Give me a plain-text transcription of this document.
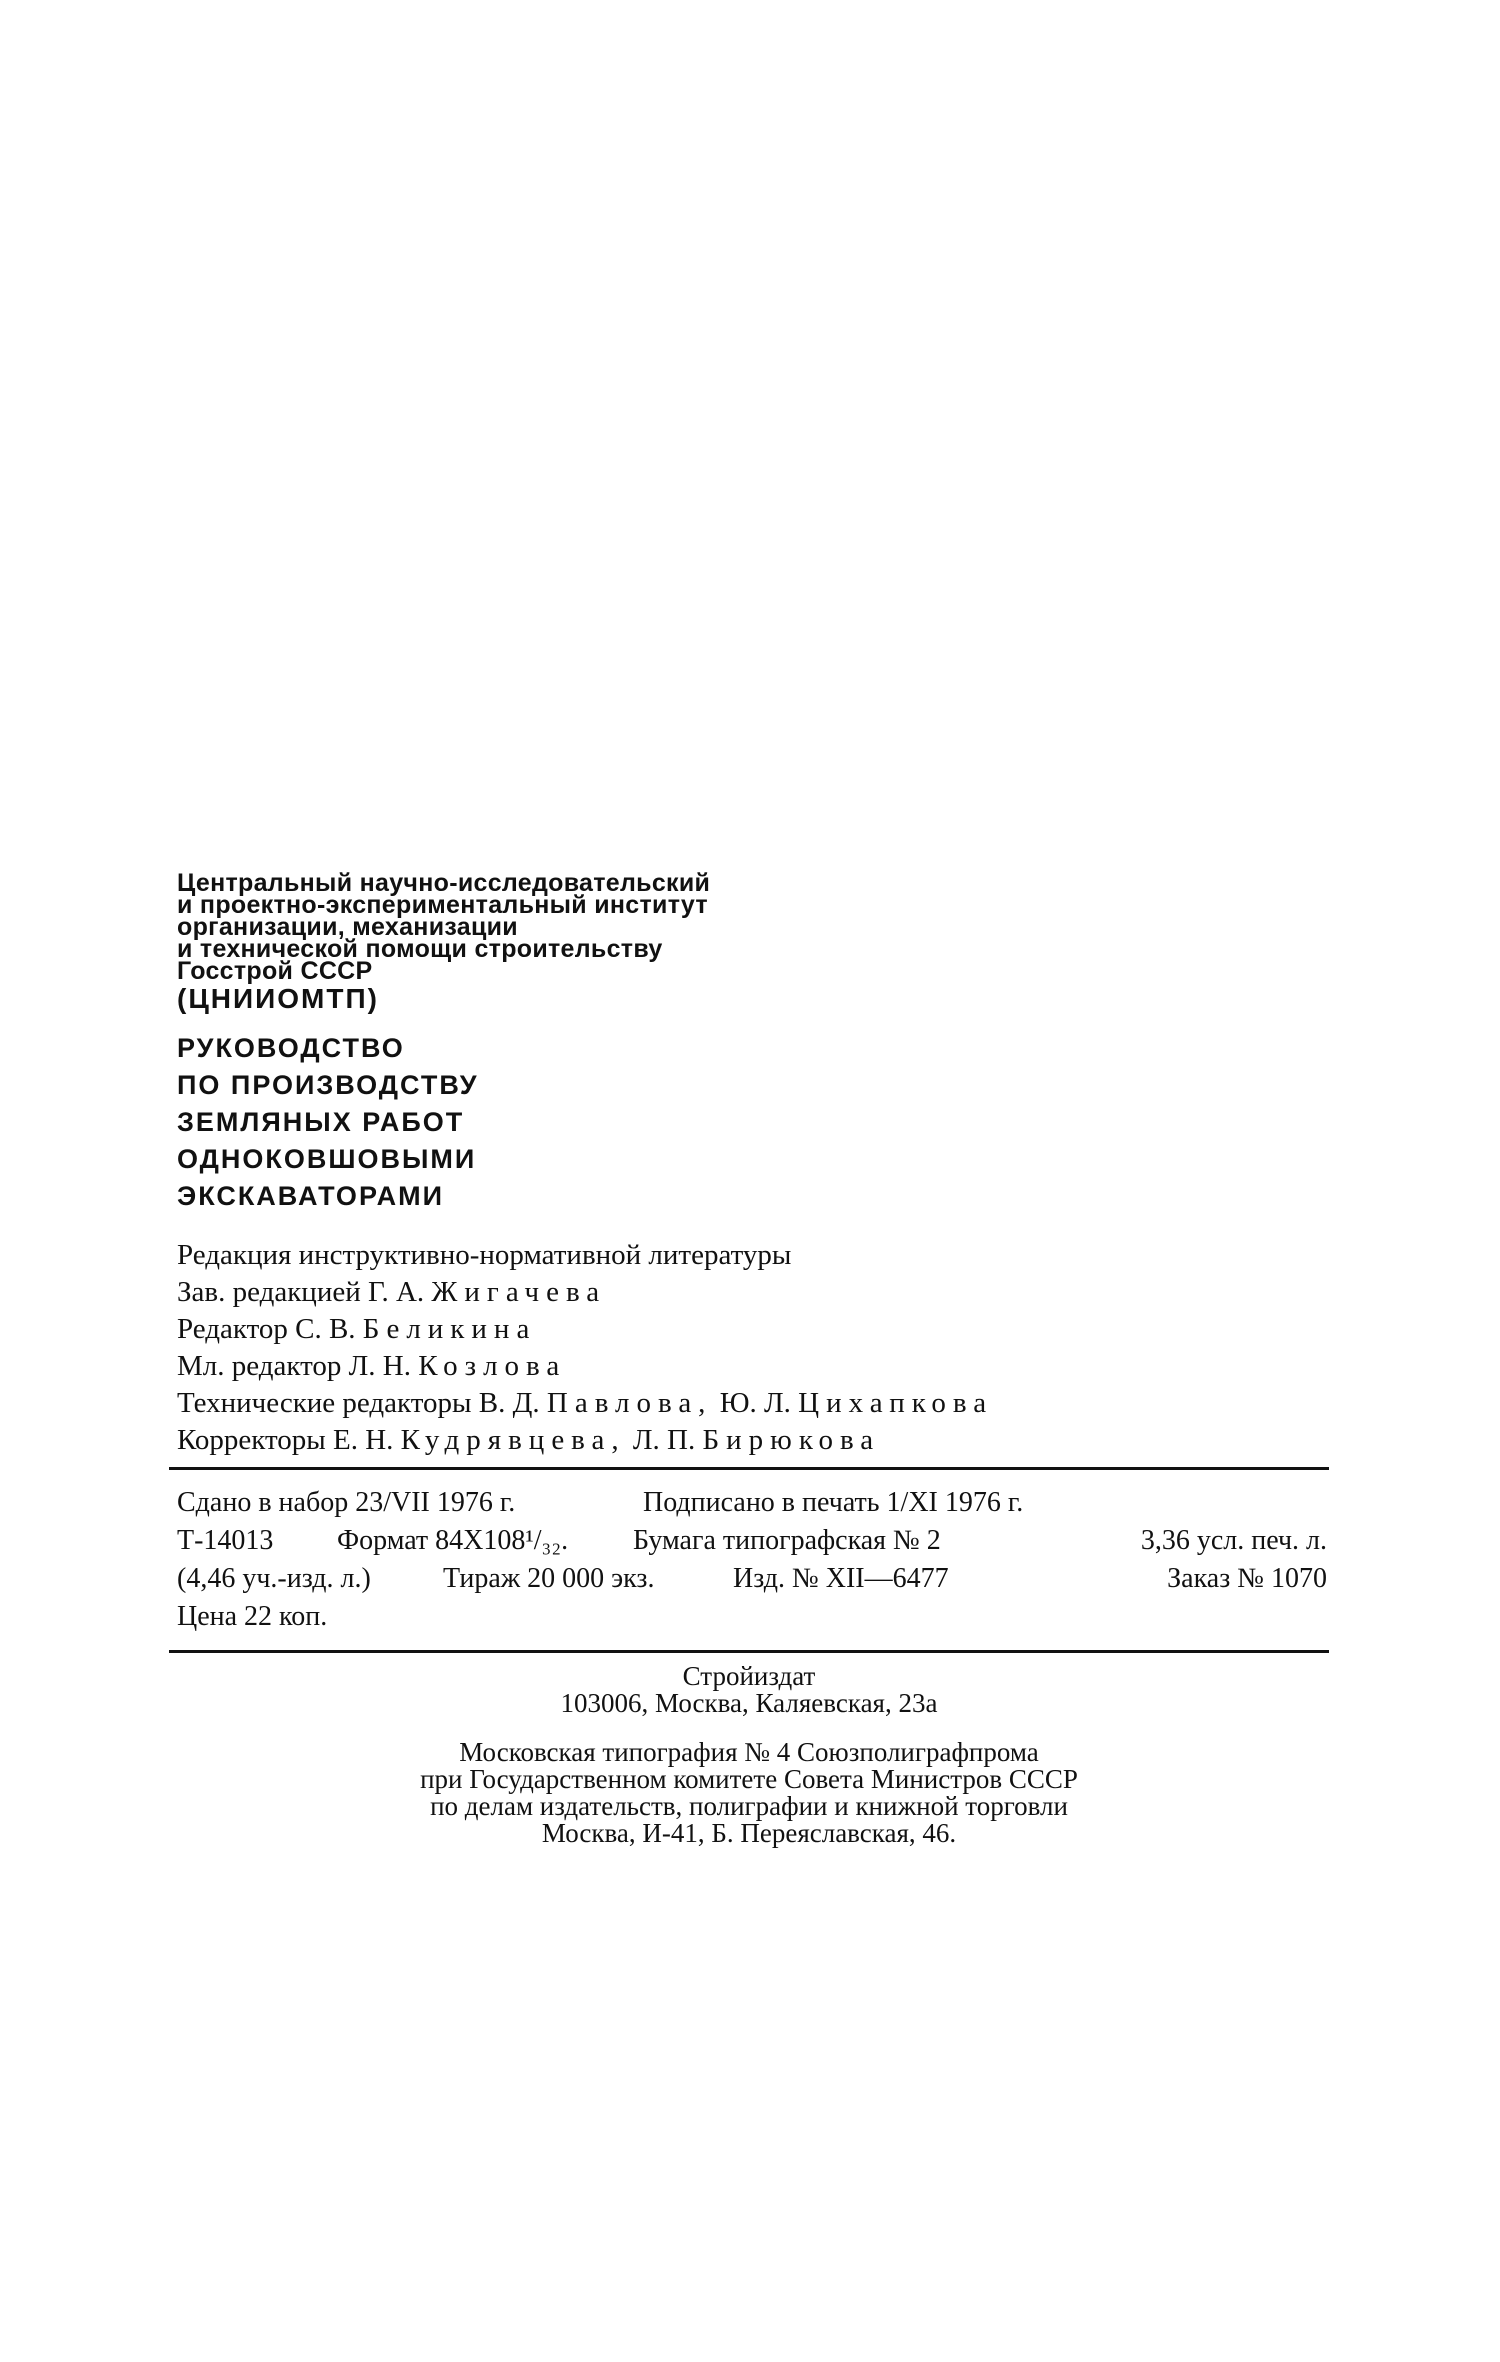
Центральный научно-исследовательский
и проектно-экспериментальный институт
организации, механизации
и технической помощи строительству
Госстрой СССР
(ЦНИИОМТП)
РУКОВОДСТВО
ПО ПРОИЗВОДСТВУ
ЗЕМЛЯНЫХ РАБОТ
ОДНОКОВШОВЫМИ
ЭКСКАВАТОРАМИ
Редакция инструктивно-нормативной литературы
Зав. редакцией Г. А. Жигачева
Редактор С. В. Беликина
Мл. редактор Л. Н. Козлова
Технические редакторы В. Д. Павлова, Ю. Л. Цихапкова
Корректоры Е. Н. Кудрявцева, Л. П. Бирюкова
Сдано в набор 23/VII 1976 г.	Подписано в печать 1/XI 1976 г.
Т-14013	Формат 84Х108¹/₃₂.	Бумага типографская № 2	3,36 усл. печ. л.
(4,46 уч.-изд. л.)	Тираж 20 000 экз.	Изд. № XII—6477	Заказ № 1070
Цена 22 коп.
Стройиздат
103006, Москва, Каляевская, 23а
Московская типография № 4 Союзполиграфпрома
при Государственном комитете Совета Министров СССР
по делам издательств, полиграфии и книжной торговли
Москва, И-41, Б. Переяславская, 46.
